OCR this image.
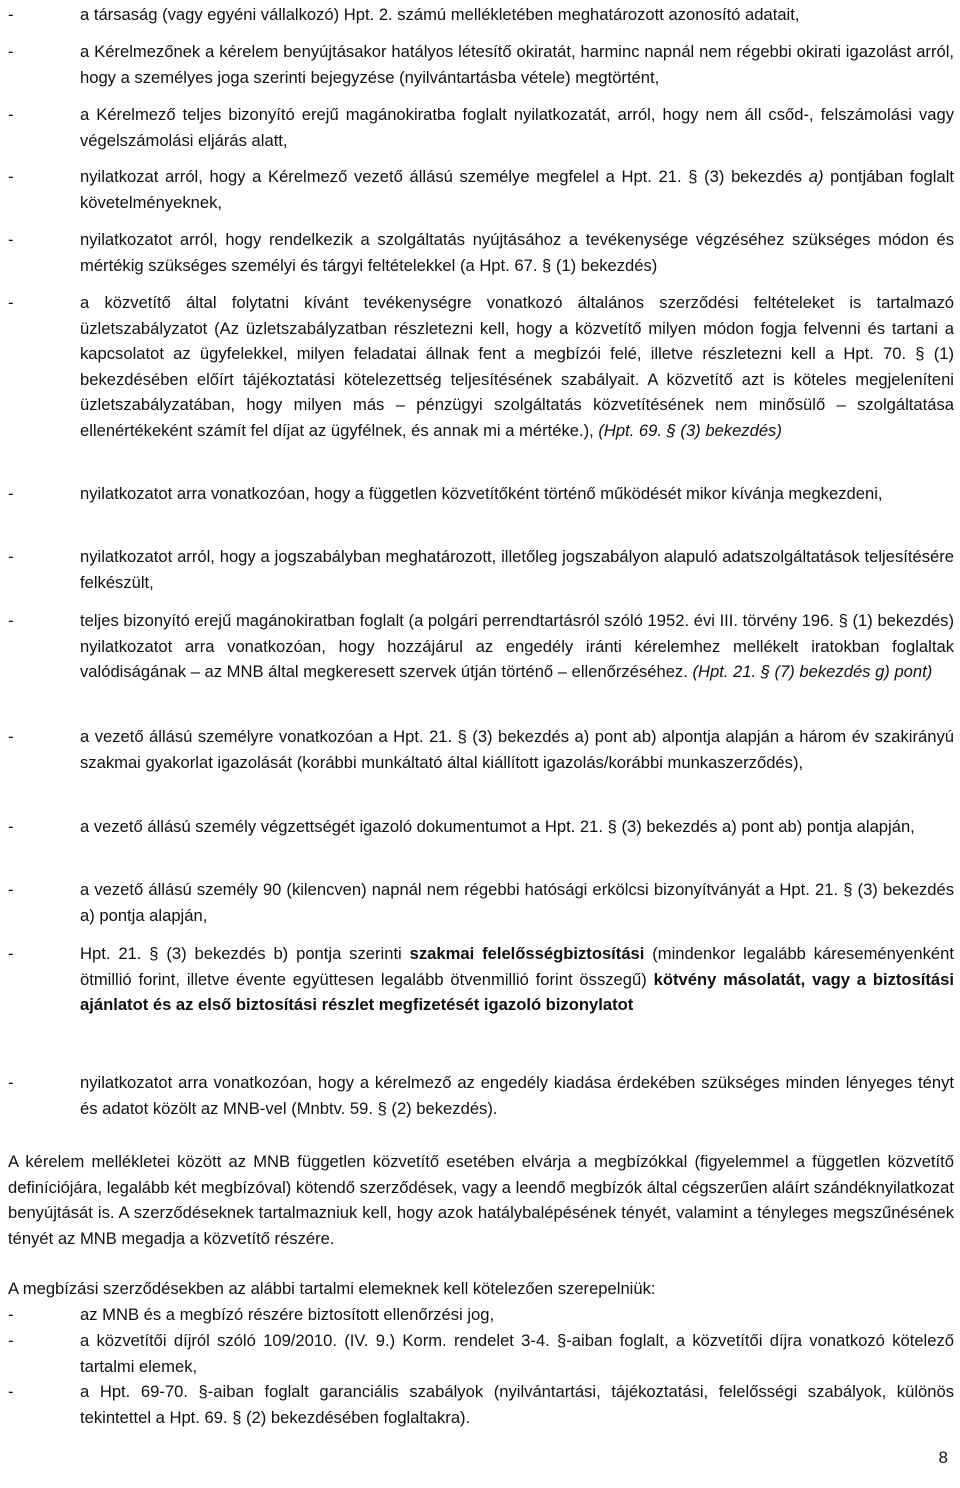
-	a társaság (vagy egyéni vállalkozó) Hpt. 2. számú mellékletében meghatározott azonosító adatait,
-	a Kérelmezőnek a kérelem benyújtásakor hatályos létesítő okiratát, harminc napnál nem régebbi okirati igazolást arról, hogy a személyes joga szerinti bejegyzése (nyilvántartásba vétele) megtörtént,
-	a Kérelmező teljes bizonyító erejű magánokiratba foglalt nyilatkozatát, arról, hogy nem áll csőd-, felszámolási vagy végelszámolási eljárás alatt,
-	nyilatkozat arról, hogy a Kérelmező vezető állású személye megfelel a Hpt. 21. § (3) bekezdés a) pontjában foglalt követelményeknek,
-	nyilatkozatot arról, hogy rendelkezik a szolgáltatás nyújtásához a tevékenysége végzéséhez szükséges módon és mértékig szükséges személyi és tárgyi feltételekkel (a Hpt. 67. § (1) bekezdés)
-	a közvetítő által folytatni kívánt tevékenységre vonatkozó általános szerződési feltételeket is tartalmazó üzletszabályzatot (Az üzletszabályzatban részletezni kell, hogy a közvetítő milyen módon fogja felvenni és tartani a kapcsolatot az ügyfelekkel, milyen feladatai állnak fent a megbízói felé, illetve részletezni kell a Hpt. 70. § (1) bekezdésében előírt tájékoztatási kötelezettség teljesítésének szabályait. A közvetítő azt is köteles megjeleníteni üzletszabályzatában, hogy milyen más – pénzügyi szolgáltatás közvetítésének nem minősülő – szolgáltatása ellenértékeként számít fel díjat az ügyfélnek, és annak mi a mértéke.), (Hpt. 69. § (3) bekezdés)
-	nyilatkozatot arra vonatkozóan, hogy a független közvetítőként történő működését mikor kívánja megkezdeni,
-	nyilatkozatot arról, hogy a jogszabályban meghatározott, illetőleg jogszabályon alapuló adatszolgáltatások teljesítésére felkészült,
-	teljes bizonyító erejű magánokiratban foglalt (a polgári perrendtartásról szóló 1952. évi III. törvény 196. § (1) bekezdés) nyilatkozatot arra vonatkozóan, hogy hozzájárul az engedély iránti kérelemhez mellékelt iratokban foglaltak valódiságának – az MNB által megkeresett szervek útján történő – ellenőrzéséhez. (Hpt. 21. § (7) bekezdés g) pont)
-	a vezető állású személyre vonatkozóan a Hpt. 21. § (3) bekezdés a) pont ab) alpontja alapján a három év szakirányú szakmai gyakorlat igazolását (korábbi munkáltató által kiállított igazolás/korábbi munkaszerződés),
-	a vezető állású személy végzettségét igazoló dokumentumot a Hpt. 21. § (3) bekezdés a) pont ab) pontja alapján,
-	a vezető állású személy 90 (kilencven) napnál nem régebbi hatósági erkölcsi bizonyítványát a Hpt. 21. § (3) bekezdés a) pontja alapján,
-	Hpt. 21. § (3) bekezdés b) pontja szerinti szakmai felelősségbiztosítási (mindenkor legalább káreseményenként ötmillió forint, illetve évente együttesen legalább ötvenmillió forint összegű) kötvény másolatát, vagy a biztosítási ajánlatot és az első biztosítási részlet megfizetését igazoló bizonylatot
-	nyilatkozatot arra vonatkozóan, hogy a kérelmező az engedély kiadása érdekében szükséges minden lényeges tényt és adatot közölt az MNB-vel (Mnbtv. 59. § (2) bekezdés).
A kérelem mellékletei között az MNB független közvetítő esetében elvárja a megbízókkal (figyelemmel a független közvetítő definíciójára, legalább két megbízóval) kötendő szerződések, vagy a leendő megbízók által cégszerűen aláírt szándéknyilatkozat benyújtását is. A szerződéseknek tartalmazniuk kell, hogy azok hatálybalépésének tényét, valamint a tényleges megszűnésének tényét az MNB megadja a közvetítő részére.
A megbízási szerződésekben az alábbi tartalmi elemeknek kell kötelezően szerepelniük:
-	az MNB és a megbízó részére biztosított ellenőrzési jog,
-	a közvetítői díjról szóló 109/2010. (IV. 9.) Korm. rendelet 3-4. §-aiban foglalt, a közvetítői díjra vonatkozó kötelező tartalmi elemek,
-	a Hpt. 69-70. §-aiban foglalt garanciális szabályok (nyilvántartási, tájékoztatási, felelősségi szabályok, különös tekintettel a Hpt. 69. § (2) bekezdésében foglaltakra).
8
